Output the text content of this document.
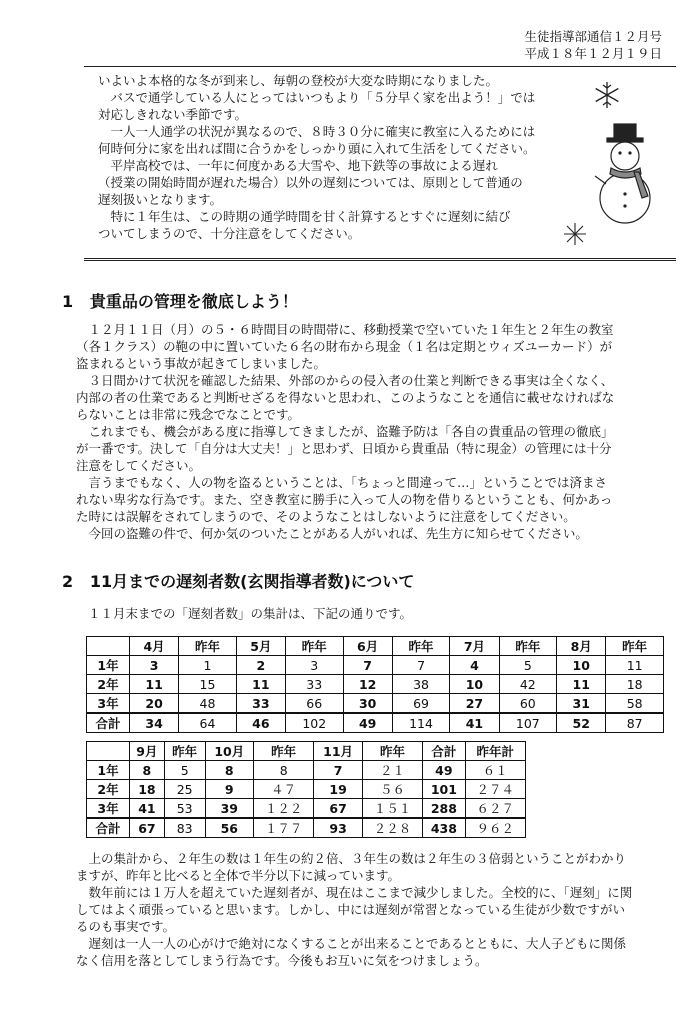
生徒指導部通信１２月号
平成１８年１２月１９日
いよいよ本格的な冬が到来し、毎朝の登校が大変な時期になりました。
　バスで通学している人にとってはいつもより「５分早く家を出よう！」では
対応しきれない季節です。
　一人一人通学の状況が異なるので、８時３０分に確実に教室に入るためには
何時何分に家を出れば間に合うかをしっかり頭に入れて生活をしてください。
　平岸高校では、一年に何度かある大雪や、地下鉄等の事故による遅れ
（授業の開始時間が遅れた場合）以外の遅刻については、原則として普通の
遅刻扱いとなります。
　特に１年生は、この時期の通学時間を甘く計算するとすぐに遅刻に結び
ついてしまうので、十分注意をしてください。
1 貴重品の管理を徹底しよう！
　１２月１１日（月）の５・６時間目の時間帯に、移動授業で空いていた１年生と２年生の教室
（各１クラス）の鞄の中に置いていた６名の財布から現金（１名は定期とウィズユーカード）が
盗まれるという事故が起きてしまいました。
　３日間かけて状況を確認した結果、外部のからの侵入者の仕業と判断できる事実は全くなく、
内部の者の仕業であると判断せざるを得ないと思われ、このようなことを通信に載せなければな
らないことは非常に残念でなことです。
　これまでも、機会がある度に指導してきましたが、盗難予防は「各自の貴重品の管理の徹底」
が一番です。決して「自分は大丈夫！」と思わず、日頃から貴重品（特に現金）の管理には十分
注意をしてください。
　言うまでもなく、人の物を盗るということは、「ちょっと間違って…」ということでは済まさ
れない卑劣な行為です。また、空き教室に勝手に入って人の物を借りるということも、何かあっ
た時には誤解をされてしまうので、そのようなことはしないように注意をしてください。
　今回の盗難の件で、何か気のついたことがある人がいれば、先生方に知らせてください。
2 11月までの遅刻者数(玄関指導者数)について
１１月末までの「遅刻者数」の集計は、下記の通りです。
	4月	昨年	5月	昨年	6月	昨年	7月	昨年	8月	昨年
1年	3	1	2	3	7	7	4	5	10	11
2年	11	15	11	33	12	38	10	42	11	18
3年	20	48	33	66	30	69	27	60	31	58
合計	34	64	46	102	49	114	41	107	52	87
	9月	昨年	10月	昨年	11月	昨年	合計	昨年計
1年	8	5	8	8	7	２１	49	６１
2年	18	25	9	４７	19	５６	101	２７４
3年	41	53	39	１２２	67	１５１	288	６２７
合計	67	83	56	１７７	93	２２８	438	９６２
　上の集計から、２年生の数は１年生の約２倍、３年生の数は２年生の３倍弱ということがわかり
ますが、昨年と比べると全体で半分以下に減っています。
　数年前には１万人を超えていた遅刻者が、現在はここまで減少しました。全校的に、「遅刻」に関
してはよく頑張っていると思います。しかし、中には遅刻が常習となっている生徒が少数ですがい
るのも事実です。
　遅刻は一人一人の心がけで絶対になくすることが出来ることであるとともに、大人子どもに関係
なく信用を落としてしまう行為です。今後もお互いに気をつけましょう。
